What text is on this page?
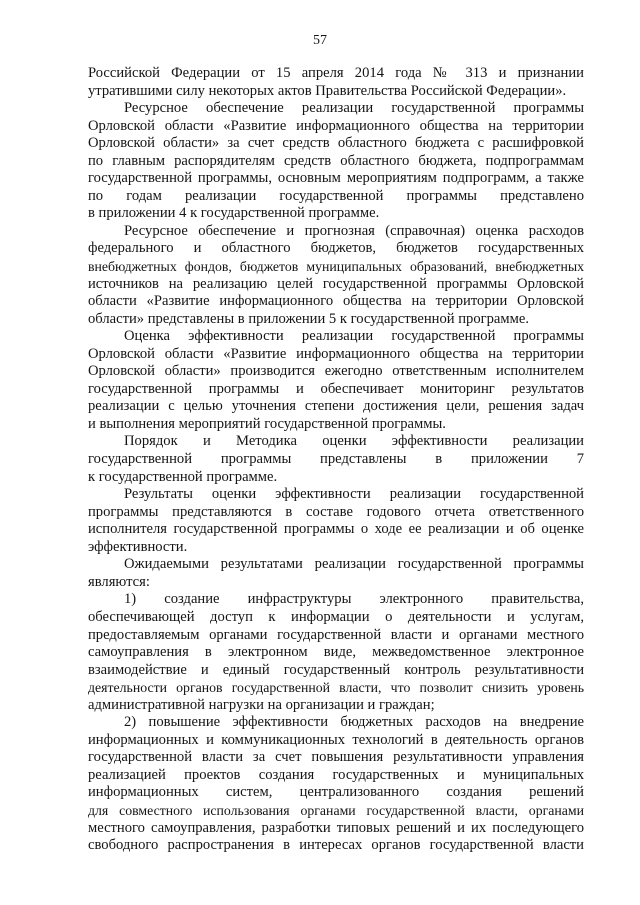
57
Российской Федерации от 15 апреля 2014 года № 313 и признании
утратившими силу некоторых актов Правительства Российской Федерации».
Ресурсное обеспечение реализации государственной программы
Орловской области «Развитие информационного общества на территории
Орловской области» за счет средств областного бюджета с расшифровкой
по главным распорядителям средств областного бюджета, подпрограммам
государственной программы, основным мероприятиям подпрограмм, а также
по годам реализации государственной программы представлено
в приложении 4 к государственной программе.
Ресурсное обеспечение и прогнозная (справочная) оценка расходов
федерального и областного бюджетов, бюджетов государственных
внебюджетных фондов, бюджетов муниципальных образований, внебюджетных
источников на реализацию целей государственной программы Орловской
области «Развитие информационного общества на территории Орловской
области» представлены в приложении 5 к государственной программе.
Оценка эффективности реализации государственной программы
Орловской области «Развитие информационного общества на территории
Орловской области» производится ежегодно ответственным исполнителем
государственной программы и обеспечивает мониторинг результатов
реализации с целью уточнения степени достижения цели, решения задач
и выполнения мероприятий государственной программы.
Порядок и Методика оценки эффективности реализации
государственной программы представлены в приложении 7
к государственной программе.
Результаты оценки эффективности реализации государственной
программы представляются в составе годового отчета ответственного
исполнителя государственной программы о ходе ее реализации и об оценке
эффективности.
Ожидаемыми результатами реализации государственной программы
являются:
1) создание инфраструктуры электронного правительства,
обеспечивающей доступ к информации о деятельности и услугам,
предоставляемым органами государственной власти и органами местного
самоуправления в электронном виде, межведомственное электронное
взаимодействие и единый государственный контроль результативности
деятельности органов государственной власти, что позволит снизить уровень
административной нагрузки на организации и граждан;
2) повышение эффективности бюджетных расходов на внедрение
информационных и коммуникационных технологий в деятельность органов
государственной власти за счет повышения результативности управления
реализацией проектов создания государственных и муниципальных
информационных систем, централизованного создания решений
для совместного использования органами государственной власти, органами
местного самоуправления, разработки типовых решений и их последующего
свободного распространения в интересах органов государственной власти
